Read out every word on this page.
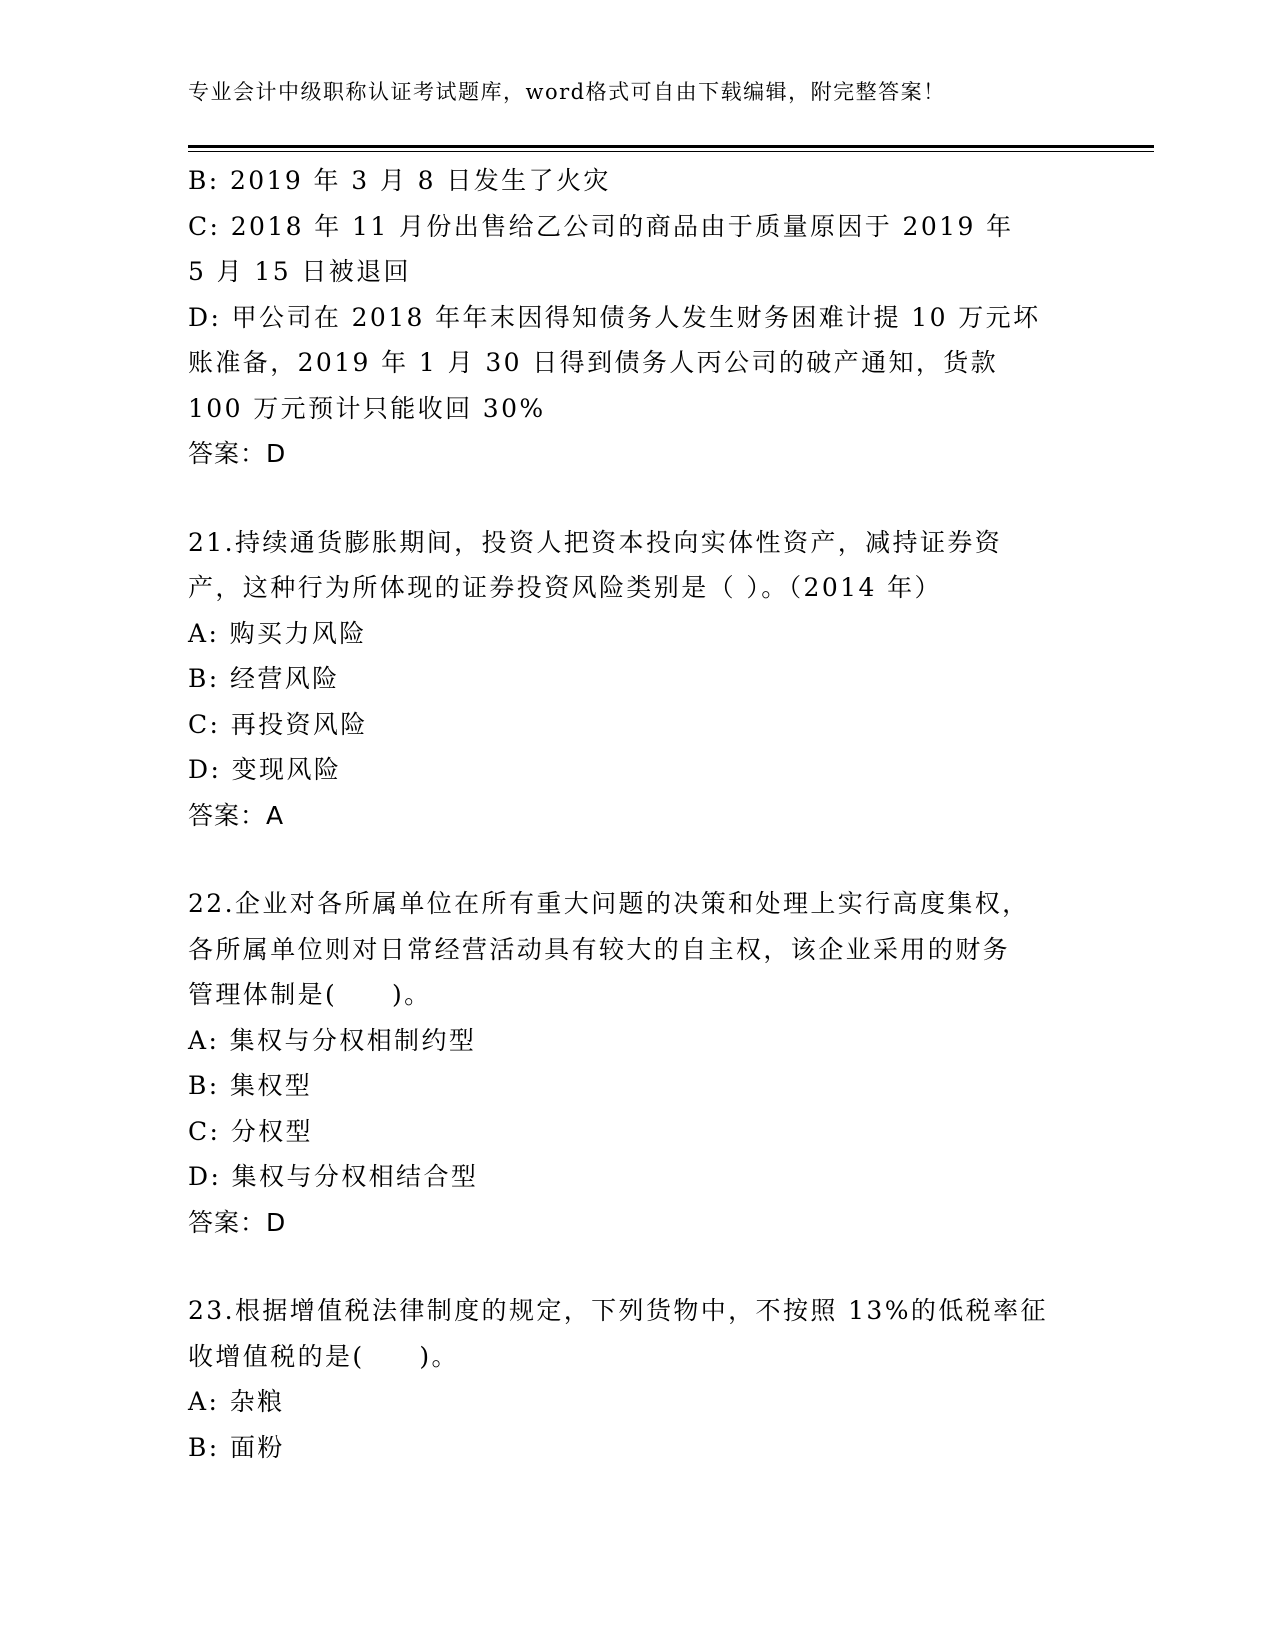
专业会计中级职称认证考试题库，word格式可自由下载编辑，附完整答案！

B: 2019 年 3 月 8 日发生了火灾

C: 2018 年 11 月份出售给乙公司的商品由于质量原因于 2019 年 5 月 15 日被退回

D: 甲公司在 2018 年年末因得知债务人发生财务困难计提 10 万元坏账准备，2019 年 1 月 30 日得到债务人丙公司的破产通知，货款 100 万元预计只能收回 30%

答案：D

21.持续通货膨胀期间，投资人把资本投向实体性资产，减持证券资产，这种行为所体现的证券投资风险类别是（ ）。（2014 年）

A: 购买力风险

B: 经营风险

C: 再投资风险

D: 变现风险

答案：A

22.企业对各所属单位在所有重大问题的决策和处理上实行高度集权，各所属单位则对日常经营活动具有较大的自主权，该企业采用的财务管理体制是(　　)。

A: 集权与分权相制约型

B: 集权型

C: 分权型

D: 集权与分权相结合型

答案：D

23.根据增值税法律制度的规定，下列货物中，不按照 13%的低税率征收增值税的是(　　)。

A: 杂粮

B: 面粉
